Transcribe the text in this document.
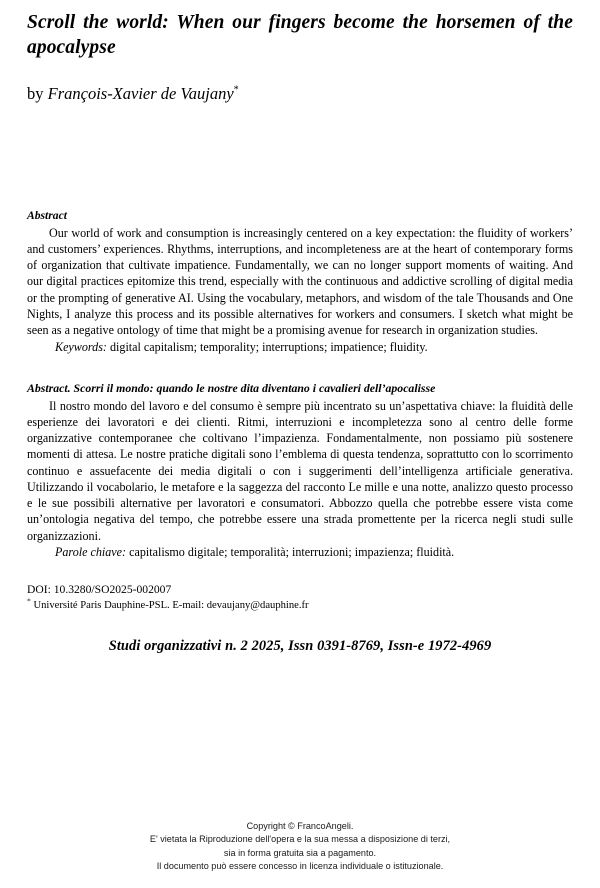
Scroll the world: When our fingers become the horsemen of the apocalypse

by François-Xavier de Vaujany*

Abstract

Our world of work and consumption is increasingly centered on a key expectation: the fluidity of workers’ and customers’ experiences. Rhythms, interruptions, and incompleteness are at the heart of contemporary forms of organization that cultivate impatience. Fundamentally, we can no longer support moments of waiting. And our digital practices epitomize this trend, especially with the continuous and addictive scrolling of digital media or the prompting of generative AI. Using the vocabulary, metaphors, and wisdom of the tale Thousands and One Nights, I analyze this process and its possible alternatives for workers and consumers. I sketch what might be seen as a negative ontology of time that might be a promising avenue for research in organization studies.

Keywords: digital capitalism; temporality; interruptions; impatience; fluidity.

Abstract. Scorri il mondo: quando le nostre dita diventano i cavalieri dell’apocalisse

Il nostro mondo del lavoro e del consumo è sempre più incentrato su un’aspettativa chiave: la fluidità delle esperienze dei lavoratori e dei clienti. Ritmi, interruzioni e incompletezza sono al centro delle forme organizzative contemporanee che coltivano l’impazienza. Fondamentalmente, non possiamo più sostenere momenti di attesa. Le nostre pratiche digitali sono l’emblema di questa tendenza, soprattutto con lo scorrimento continuo e assuefacente dei media digitali o con i suggerimenti dell’intelligenza artificiale generativa. Utilizzando il vocabolario, le metafore e la saggezza del racconto Le mille e una notte, analizzo questo processo e le sue possibili alternative per lavoratori e consumatori. Abbozzo quella che potrebbe essere vista come un’ontologia negativa del tempo, che potrebbe essere una strada promettente per la ricerca negli studi sulle organizzazioni.

Parole chiave: capitalismo digitale; temporalità; interruzioni; impazienza; fluidità.

DOI: 10.3280/SO2025-002007

* Université Paris Dauphine-PSL. E-mail: devaujany@dauphine.fr

Studi organizzativi n. 2 2025, Issn 0391-8769, Issn-e 1972-4969

Copyright © FrancoAngeli.

E' vietata la Riproduzione dell'opera e la sua messa a disposizione di terzi,

sia in forma gratuita sia a pagamento.

Il documento può essere concesso in licenza individuale o istituzionale.
